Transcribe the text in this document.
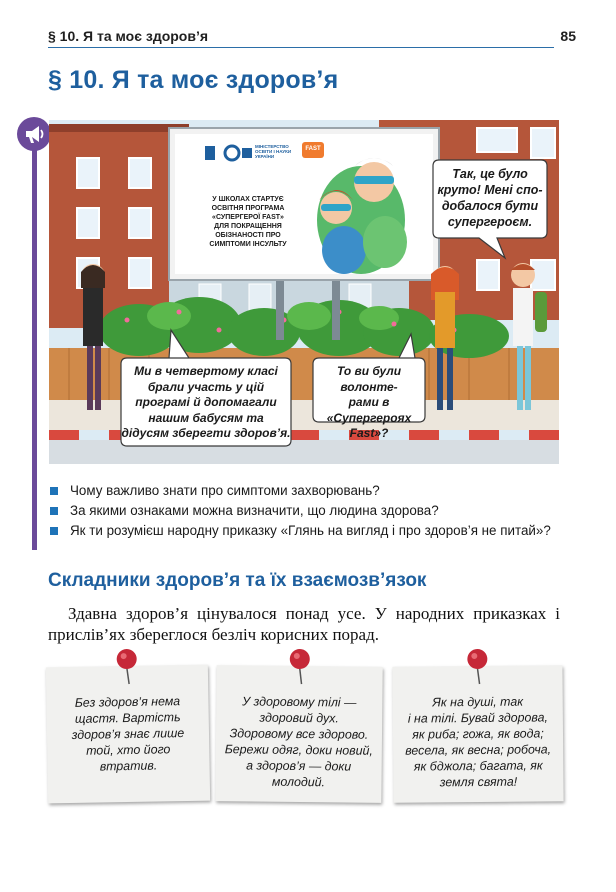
§ 10. Я та моє здоров’я	85
§ 10. Я та моє здоров’я
МІНІСТЕРСТВО ОСВІТИ І НАУКИ УКРАЇНИ
FAST
У ШКОЛАХ СТАРТУЄ
ОСВІТНЯ ПРОГРАМА
«СУПЕРГЕРОЇ FAST»
ДЛЯ ПОКРАЩЕННЯ
ОБІЗНАНОСТІ ПРО
СИМПТОМИ ІНСУЛЬТУ
Так, це було
круто! Мені спо-
добалося бути
супергероєм.
Ми в четвертому класі
брали участь у цій
програмі й допомагали
нашим бабусям та
дідусям зберегти здоров’я.
То ви були волонте-
рами в «Супергероях
Fast»?
Чому важливо знати про симптоми захворювань?
За якими ознаками можна визначити, що людина здорова?
Як ти розумієш народну приказку «Глянь на вигляд і про здоров’я не питай»?
Складники здоров’я та їх взаємозв’язок
Здавна здоров’я цінувалося понад усе. У народних приказках і прислів’ях збереглося безліч корисних порад.
Без здоров’я нема
щастя. Вартість
здоров’я знає лише
той, хто його
втратив.
У здоровому тілі —
здоровий дух.
Здоровому все здорово.
Бережи одяг, доки новий,
а здоров’я — доки
молодий.
Як на душі, так
і на тілі. Бувай здорова,
як риба; гожа, як вода;
весела, як весна; робоча,
як бджола; багата, як
земля свята!
